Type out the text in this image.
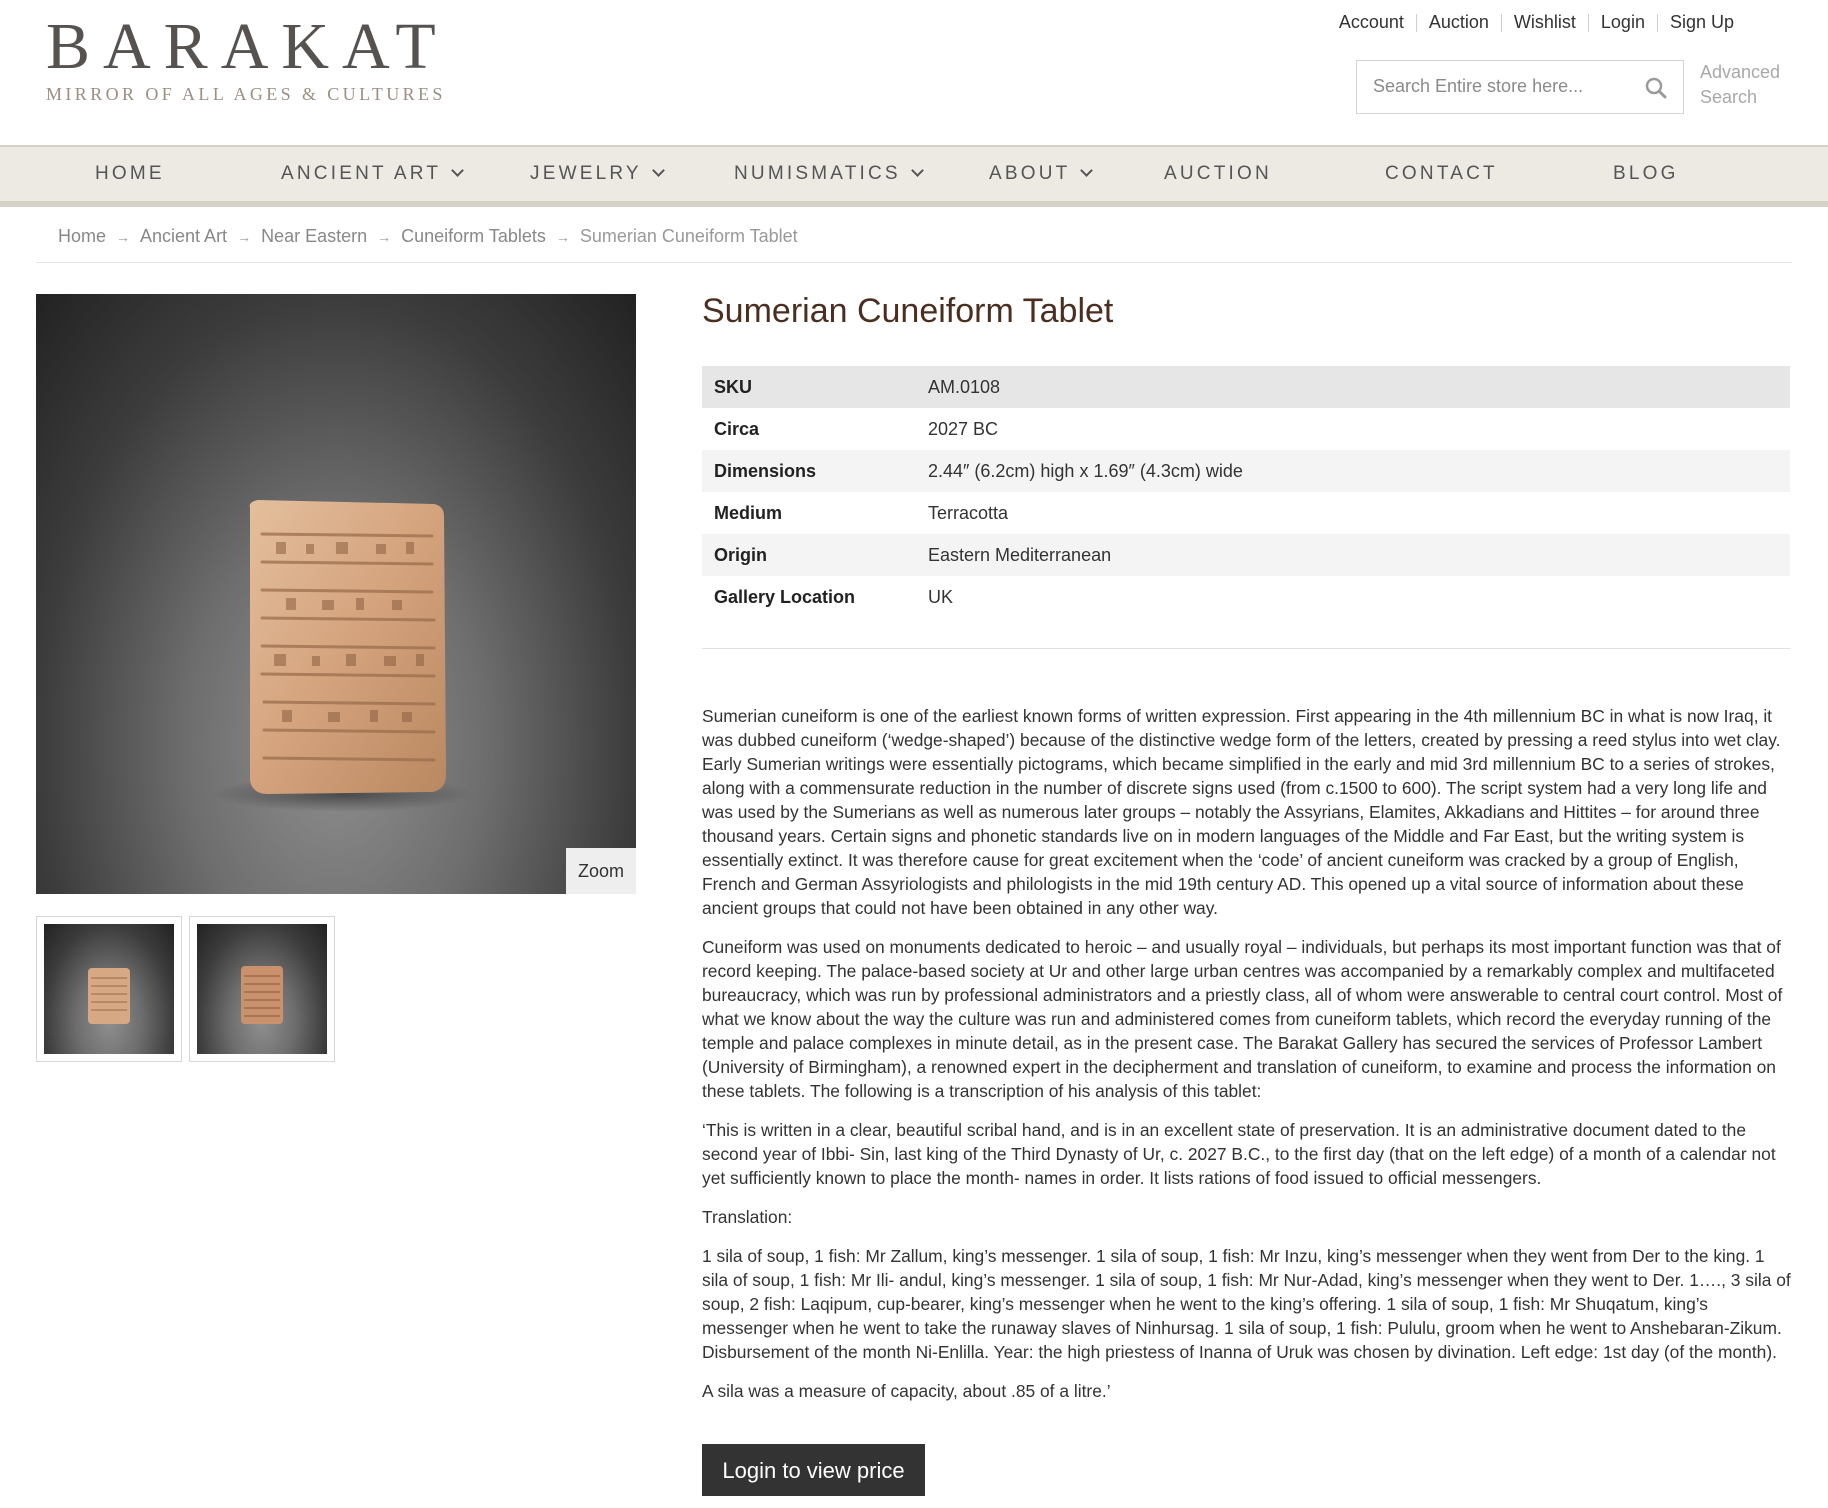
BARAKAT
MIRROR OF ALL AGES & CULTURES
Account Auction Wishlist Login Sign Up
Search Entire store here...
Advanced
Search
HOME	ANCIENT ART	JEWELRY	NUMISMATICS	ABOUT	AUCTION	CONTACT	BLOG
Home → Ancient Art → Near Eastern → Cuneiform Tablets → Sumerian Cuneiform Tablet
Zoom
Sumerian Cuneiform Tablet
SKU	AM.0108
Circa	2027 BC
Dimensions	2.44″ (6.2cm) high x 1.69″ (4.3cm) wide
Medium	Terracotta
Origin	Eastern Mediterranean
Gallery Location	UK

Sumerian cuneiform is one of the earliest known forms of written expression. First appearing in the 4th millennium BC in what is now Iraq, it was dubbed cuneiform (‘wedge-shaped’) because of the distinctive wedge form of the letters, created by pressing a reed stylus into wet clay. Early Sumerian writings were essentially pictograms, which became simplified in the early and mid 3rd millennium BC to a series of strokes, along with a commensurate reduction in the number of discrete signs used (from c.1500 to 600). The script system had a very long life and was used by the Sumerians as well as numerous later groups – notably the Assyrians, Elamites, Akkadians and Hittites – for around three thousand years. Certain signs and phonetic standards live on in modern languages of the Middle and Far East, but the writing system is essentially extinct. It was therefore cause for great excitement when the ‘code’ of ancient cuneiform was cracked by a group of English, French and German Assyriologists and philologists in the mid 19th century AD. This opened up a vital source of information about these ancient groups that could not have been obtained in any other way.

Cuneiform was used on monuments dedicated to heroic – and usually royal – individuals, but perhaps its most important function was that of record keeping. The palace-based society at Ur and other large urban centres was accompanied by a remarkably complex and multifaceted bureaucracy, which was run by professional administrators and a priestly class, all of whom were answerable to central court control. Most of what we know about the way the culture was run and administered comes from cuneiform tablets, which record the everyday running of the temple and palace complexes in minute detail, as in the present case. The Barakat Gallery has secured the services of Professor Lambert (University of Birmingham), a renowned expert in the decipherment and translation of cuneiform, to examine and process the information on these tablets. The following is a transcription of his analysis of this tablet:

‘This is written in a clear, beautiful scribal hand, and is in an excellent state of preservation. It is an administrative document dated to the second year of Ibbi- Sin, last king of the Third Dynasty of Ur, c. 2027 B.C., to the first day (that on the left edge) of a month of a calendar not yet sufficiently known to place the month- names in order. It lists rations of food issued to official messengers.

Translation:

1 sila of soup, 1 fish: Mr Zallum, king’s messenger. 1 sila of soup, 1 fish: Mr Inzu, king’s messenger when they went from Der to the king. 1 sila of soup, 1 fish: Mr Ili- andul, king’s messenger. 1 sila of soup, 1 fish: Mr Nur-Adad, king’s messenger when they went to Der. 1…., 3 sila of soup, 2 fish: Laqipum, cup-bearer, king’s messenger when he went to the king’s offering. 1 sila of soup, 1 fish: Mr Shuqatum, king’s messenger when he went to take the runaway slaves of Ninhursag. 1 sila of soup, 1 fish: Pululu, groom when he went to Anshebaran-Zikum. Disbursement of the month Ni-Enlilla. Year: the high priestess of Inanna of Uruk was chosen by divination. Left edge: 1st day (of the month).

A sila was a measure of capacity, about .85 of a litre.’

Login to view price
